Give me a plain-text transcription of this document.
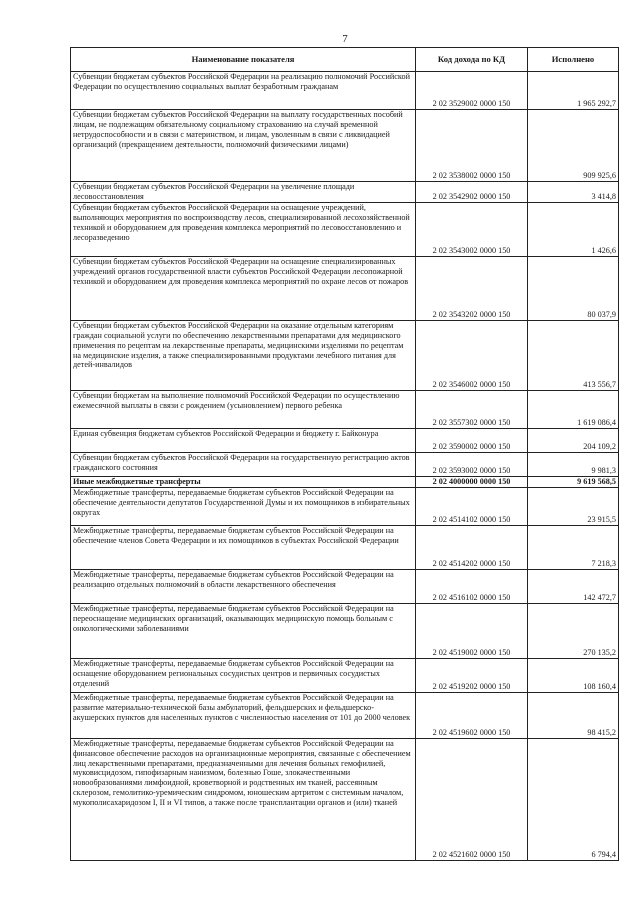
7
Наименование показателя	Код дохода по КД	Исполнено
Субвенции бюджетам субъектов Российской Федерации на реализацию полномочий Российской Федерации по осуществлению социальных выплат безработным гражданам	2 02 3529002 0000 150	1 965 292,7
Субвенции бюджетам субъектов Российской Федерации на выплату государственных пособий лицам, не подлежащим обязательному социальному страхованию на случай временной нетрудоспособности и в связи с материнством, и лицам, уволенным в связи с ликвидацией организаций (прекращением деятельности, полномочий физическими лицами)	2 02 3538002 0000 150	909 925,6
Субвенции бюджетам субъектов Российской Федерации на увеличение площади лесовосстановления	2 02 3542902 0000 150	3 414,8
Субвенции бюджетам субъектов Российской Федерации на оснащение учреждений, выполняющих мероприятия по воспроизводству лесов, специализированной лесохозяйственной техникой и оборудованием для проведения комплекса мероприятий по лесовосстановлению и лесоразведению	2 02 3543002 0000 150	1 426,6
Субвенции бюджетам субъектов Российской Федерации на оснащение специализированных учреждений органов государственной власти субъектов Российской Федерации лесопожарной техникой и оборудованием для проведения комплекса мероприятий по охране лесов от пожаров	2 02 3543202 0000 150	80 037,9
Субвенции бюджетам субъектов Российской Федерации на оказание отдельным категориям граждан социальной услуги по обеспечению лекарственными препаратами для медицинского применения по рецептам на лекарственные препараты, медицинскими изделиями по рецептам на медицинские изделия, а также специализированными продуктами лечебного питания для детей-инвалидов	2 02 3546002 0000 150	413 556,7
Субвенции бюджетам на выполнение полномочий Российской Федерации по осуществлению ежемесячной выплаты в связи с рождением (усыновлением) первого ребенка	2 02 3557302 0000 150	1 619 086,4
Единая субвенция бюджетам субъектов Российской Федерации и бюджету г. Байконура	2 02 3590002 0000 150	204 109,2
Субвенции бюджетам субъектов Российской Федерации на государственную регистрацию актов гражданского состояния	2 02 3593002 0000 150	9 981,3
Иные межбюджетные трансферты	2 02 4000000 0000 150	9 619 568,5
Межбюджетные трансферты, передаваемые бюджетам субъектов Российской Федерации на обеспечение деятельности депутатов Государственной Думы и их помощников в избирательных округах	2 02 4514102 0000 150	23 915,5
Межбюджетные трансферты, передаваемые бюджетам субъектов Российской Федерации на обеспечение членов Совета Федерации и их помощников в субъектах Российской Федерации	2 02 4514202 0000 150	7 218,3
Межбюджетные трансферты, передаваемые бюджетам субъектов Российской Федерации на реализацию отдельных полномочий в области лекарственного обеспечения	2 02 4516102 0000 150	142 472,7
Межбюджетные трансферты, передаваемые бюджетам субъектов Российской Федерации на переоснащение медицинских организаций, оказывающих медицинскую помощь больным с онкологическими заболеваниями	2 02 4519002 0000 150	270 135,2
Межбюджетные трансферты, передаваемые бюджетам субъектов Российской Федерации на оснащение оборудованием региональных сосудистых центров и первичных сосудистых отделений	2 02 4519202 0000 150	108 160,4
Межбюджетные трансферты, передаваемые бюджетам субъектов Российской Федерации на развитие материально-технической базы амбулаторий, фельдшерских и фельдшерско-акушерских пунктов для населенных пунктов с численностью населения от 101 до 2000 человек	2 02 4519602 0000 150	98 415,2
Межбюджетные трансферты, передаваемые бюджетам субъектов Российской Федерации на финансовое обеспечение расходов на организационные мероприятия, связанные с обеспечением лиц лекарственными препаратами, предназначенными для лечения больных гемофилией, муковисцидозом, гипофизарным нанизмом, болезнью Гоше, злокачественными новообразованиями лимфоидной, кроветворной и родственных им тканей, рассеянным склерозом, гемолитико-уремическим синдромом, юношеским артритом с системным началом, мукополисахаридозом I, II и VI типов, а также после трансплантации органов и (или) тканей	2 02 4521602 0000 150	6 794,4
